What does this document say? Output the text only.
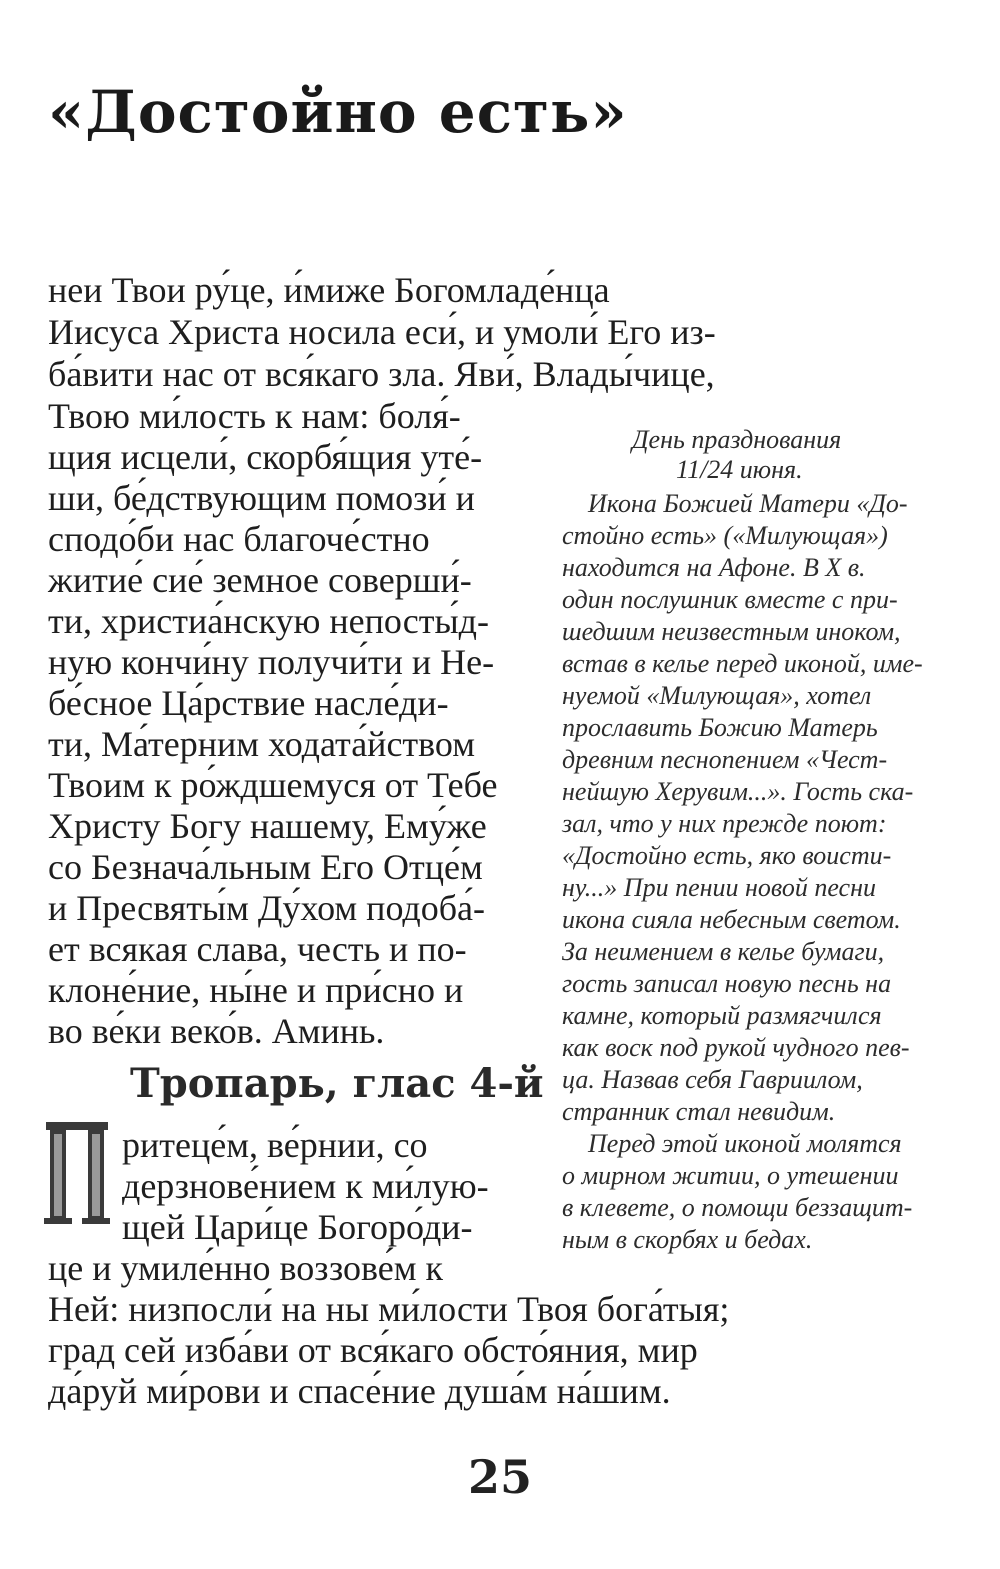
«Достойно есть»
неи Твои ру́це, и́миже Богомладе́нца
Иисуса Христа носила еси́, и умоли́ Его из-
ба́вити нас от вся́каго зла. Яви́, Влады́чице,
Твою ми́лость к нам: боля́-
щия исцели́, скорбя́щия уте́-
ши, бе́дствующим помози́ и
сподо́би нас благоче́стно
житие́ сие́ земное соверши́-
ти, христиа́нскую непосты́д-
ную кончи́ну получи́ти и Не-
бе́сное Ца́рствие насле́ди-
ти, Ма́терним ходата́йством
Твоим к ро́ждшемуся от Тебе
Христу Богу нашему, Ему́же
со Безнача́льным Его Отце́м
и Пресвяты́м Ду́хом подоба́-
ет всякая слава, честь и по-
клоне́ние, ны́не и при́сно и
во ве́ки веко́в. Аминь.
Тропарь, глас 4-й
П
ритеце́м, ве́рнии, со
дерзнове́нием к ми́лую-
щей Цари́це Богоро́ди-
це и умиле́нно воззове́м к
Ней: низпосли́ на ны ми́лости Твоя бога́тыя;
град сей изба́ви от вся́каго обсто́яния, мир
да́руй ми́рови и спасе́ние душа́м на́шим.
День празднования
11/24 июня.
Икона Божией Матери «До-
стойно есть» («Милующая»)
находится на Афоне. В X в.
один послушник вместе с при-
шедшим неизвестным иноком,
встав в келье перед иконой, име-
нуемой «Милующая», хотел
прославить Божию Матерь
древним песнопением «Чест-
нейшую Херувим...». Гость ска-
зал, что у них прежде поют:
«Достойно есть, яко воисти-
ну...» При пении новой песни
икона сияла небесным светом.
За неимением в келье бумаги,
гость записал новую песнь на
камне, который размягчился
как воск под рукой чудного пев-
ца. Назвав себя Гавриилом,
странник стал невидим.
Перед этой иконой молятся
о мирном житии, о утешении
в клевете, о помощи беззащит-
ным в скорбях и бедах.
25
